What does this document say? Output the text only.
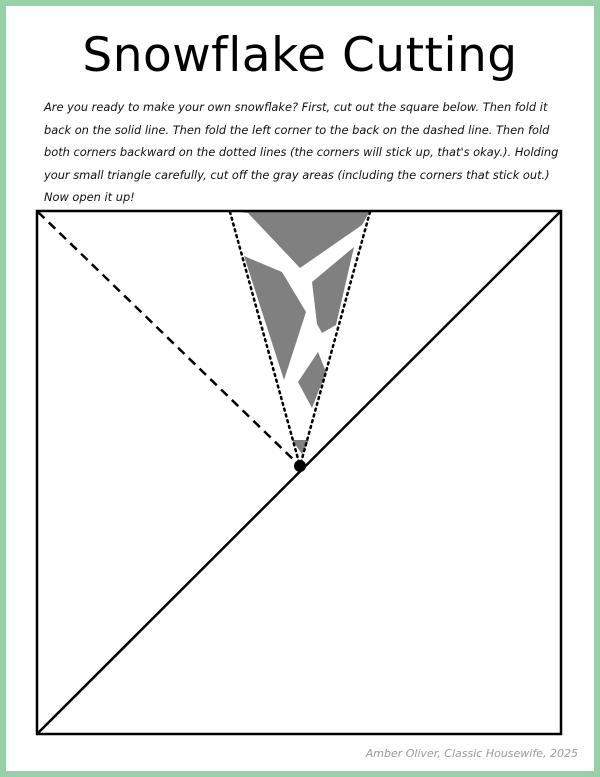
Snowflake Cutting
Are you ready to make your own snowflake? First, cut out the square below. Then fold it back on the solid line. Then fold the left corner to the back on the dashed line. Then fold both corners backward on the dotted lines (the corners will stick up, that's okay.). Holding your small triangle carefully, cut off the gray areas (including the corners that stick out.) Now open it up!
Amber Oliver, Classic Housewife, 2025
